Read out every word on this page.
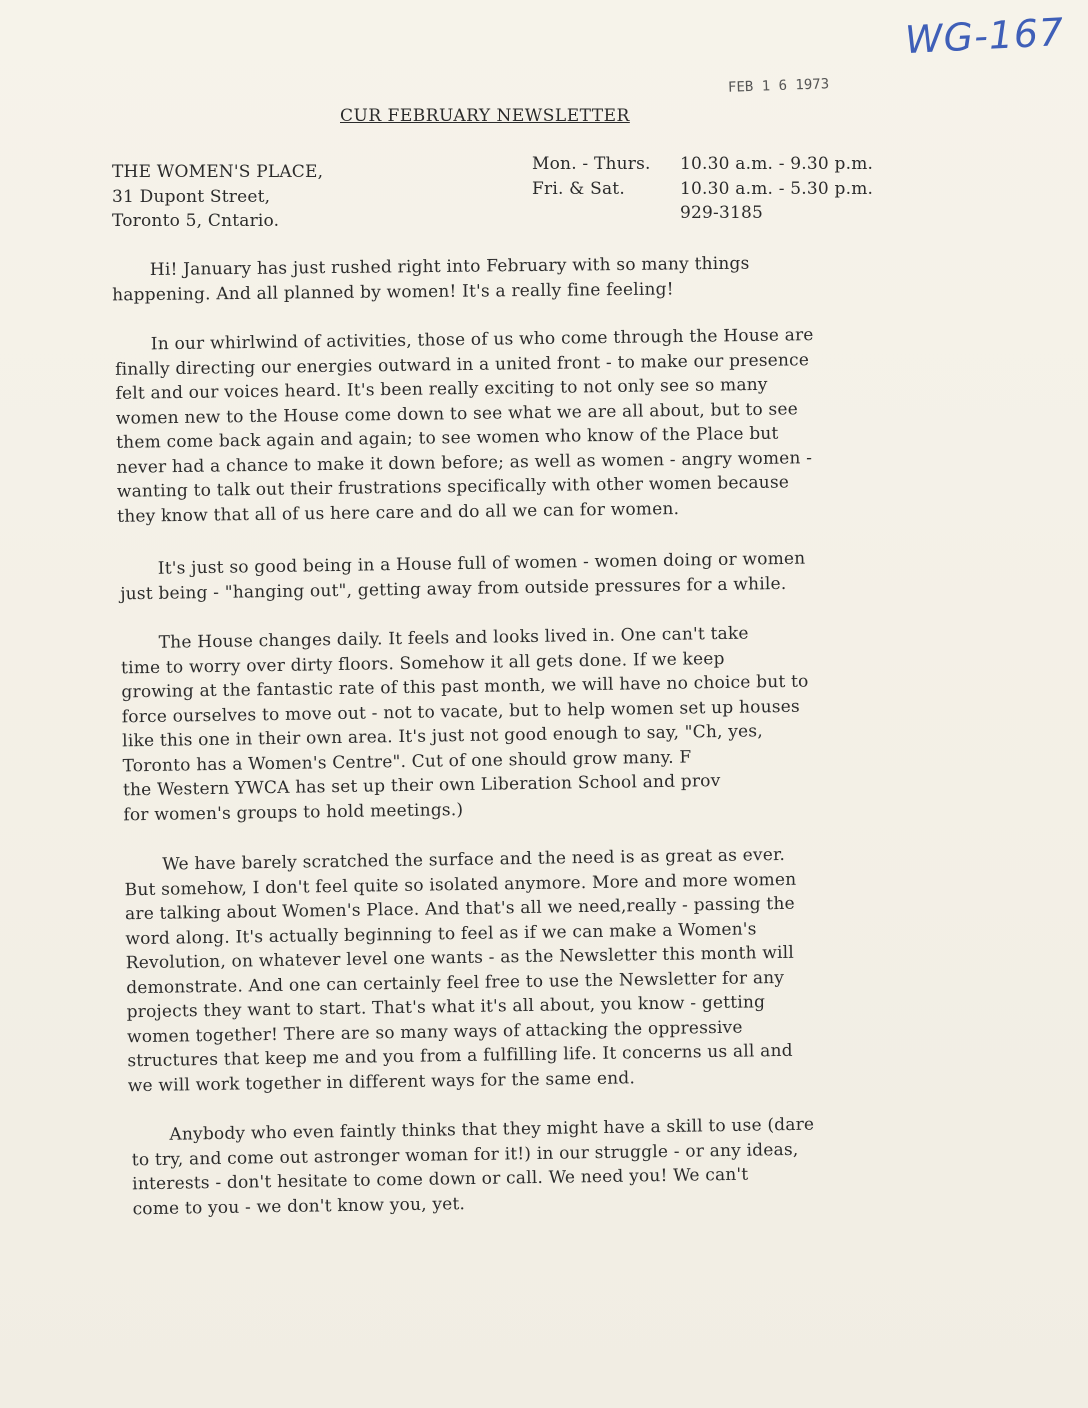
WG-167
FEB 1 6 1973
CUR FEBRUARY NEWSLETTER
THE WOMEN'S PLACE,
31 Dupont Street,
Toronto 5, Cntario.
Mon. - Thurs.	10.30 a.m. - 9.30 p.m.
Fri. & Sat.	10.30 a.m. - 5.30 p.m.
929-3185

Hi! January has just rushed right into February with so many things

happening. And all planned by women! It's a really fine feeling!

In our whirlwind of activities, those of us who come through the House are

finally directing our energies outward in a united front - to make our presence

felt and our voices heard. It's been really exciting to not only see so many

women new to the House come down to see what we are all about, but to see

them come back again and again; to see women who know of the Place but

never had a chance to make it down before; as well as women - angry women -

wanting to talk out their frustrations specifically with other women because

they know that all of us here care and do all we can for women.

It's just so good being in a House full of women - women doing or women

just being - "hanging out", getting away from outside pressures for a while.

The House changes daily. It feels and looks lived in. One can't take

time to worry over dirty floors. Somehow it all gets done. If we keep

growing at the fantastic rate of this past month, we will have no choice but to

force ourselves to move out - not to vacate, but to help women set up houses

like this one in their own area. It's just not good enough to say, "Ch, yes,

Toronto has a Women's Centre". Cut of one should grow many. F

the Western YWCA has set up their own Liberation School and prov

for women's groups to hold meetings.)

We have barely scratched the surface and the need is as great as ever.

But somehow, I don't feel quite so isolated anymore. More and more women

are talking about Women's Place. And that's all we need,really - passing the

word along. It's actually beginning to feel as if we can make a Women's

Revolution, on whatever level one wants - as the Newsletter this month will

demonstrate. And one can certainly feel free to use the Newsletter for any

projects they want to start. That's what it's all about, you know - getting

women together! There are so many ways of attacking the oppressive

structures that keep me and you from a fulfilling life. It concerns us all and

we will work together in different ways for the same end.

Anybody who even faintly thinks that they might have a skill to use (dare

to try, and come out astronger woman for it!) in our struggle - or any ideas,

interests - don't hesitate to come down or call. We need you! We can't

come to you - we don't know you, yet.
